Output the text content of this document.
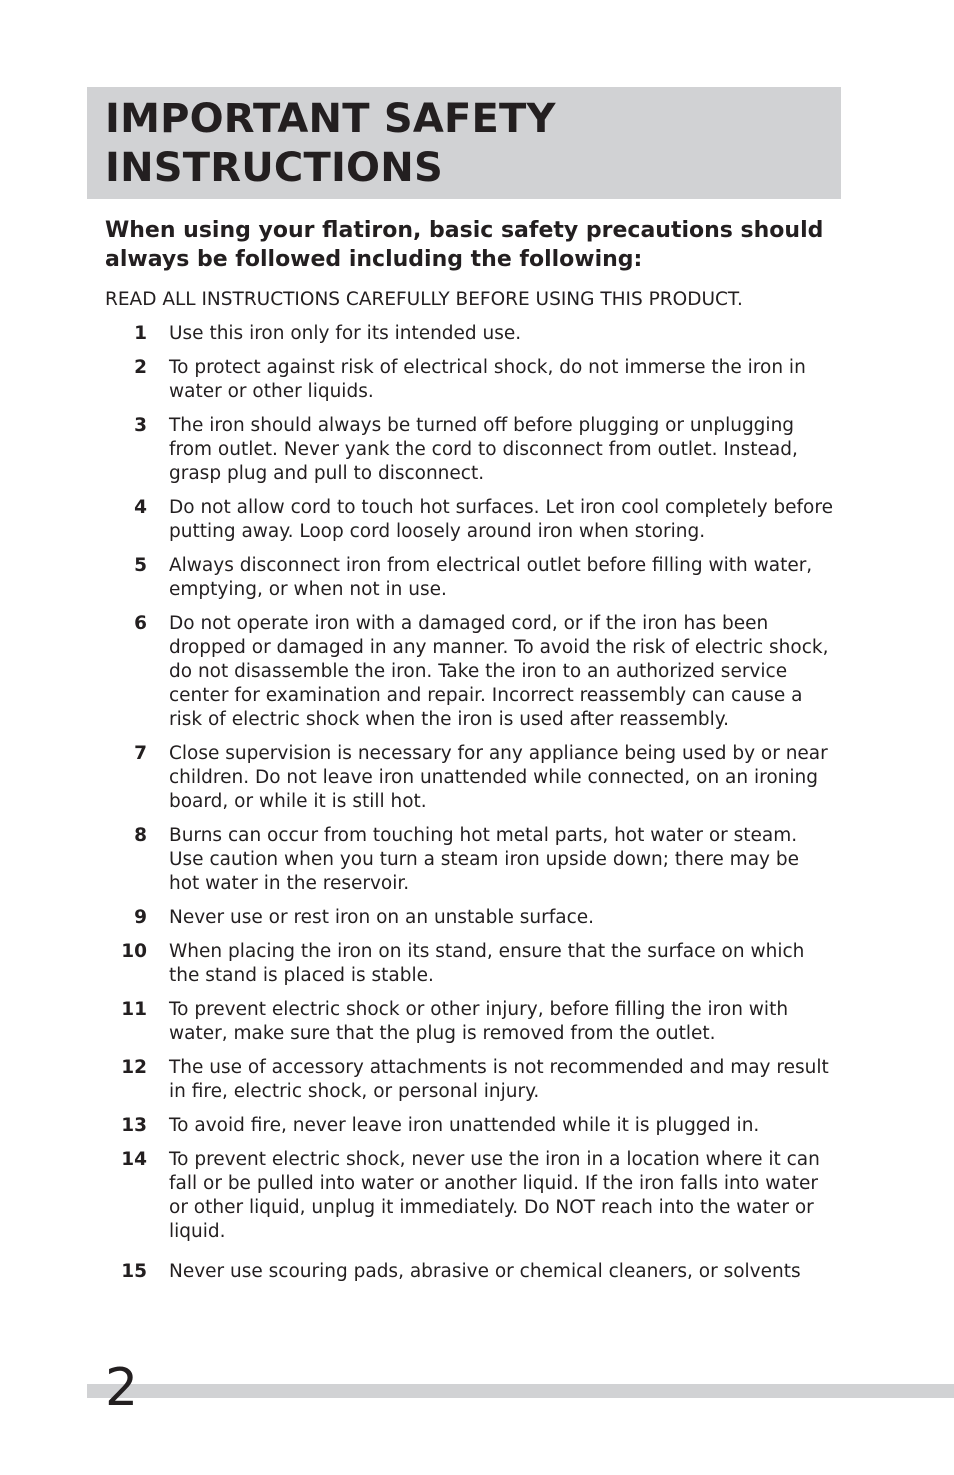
IMPORTANT SAFETY
INSTRUCTIONS

When using your flatiron, basic safety precautions should always be followed including the following:

READ ALL INSTRUCTIONS CAREFULLY BEFORE USING THIS PRODUCT.

1 Use this iron only for its intended use.
2 To protect against risk of electrical shock, do not immerse the iron in water or other liquids.
3 The iron should always be turned off before plugging or unplugging from outlet. Never yank the cord to disconnect from outlet. Instead, grasp plug and pull to disconnect.
4 Do not allow cord to touch hot surfaces. Let iron cool completely before putting away. Loop cord loosely around iron when storing.
5 Always disconnect iron from electrical outlet before filling with water, emptying, or when not in use.
6 Do not operate iron with a damaged cord, or if the iron has been dropped or damaged in any manner. To avoid the risk of electric shock, do not disassemble the iron. Take the iron to an authorized service center for examination and repair. Incorrect reassembly can cause a risk of electric shock when the iron is used after reassembly.
7 Close supervision is necessary for any appliance being used by or near children. Do not leave iron unattended while connected, on an ironing board, or while it is still hot.
8 Burns can occur from touching hot metal parts, hot water or steam. Use caution when you turn a steam iron upside down; there may be hot water in the reservoir.
9 Never use or rest iron on an unstable surface.
10 When placing the iron on its stand, ensure that the surface on which the stand is placed is stable.
11 To prevent electric shock or other injury, before filling the iron with water, make sure that the plug is removed from the outlet.
12 The use of accessory attachments is not recommended and may result in fire, electric shock, or personal injury.
13 To avoid fire, never leave iron unattended while it is plugged in.
14 To prevent electric shock, never use the iron in a location where it can fall or be pulled into water or another liquid. If the iron falls into water or other liquid, unplug it immediately. Do NOT reach into the water or liquid.
15 Never use scouring pads, abrasive or chemical cleaners, or solvents
2
